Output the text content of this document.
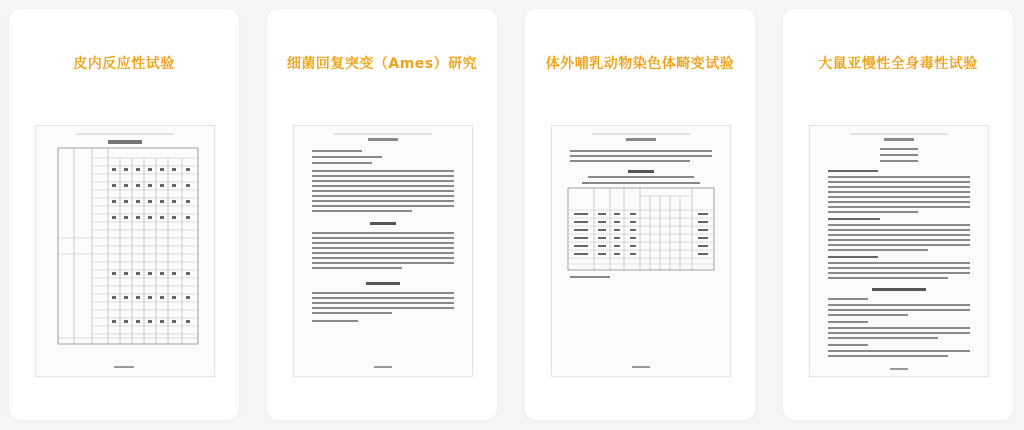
皮内反应性试验	细菌回复突变（Ames）研究	体外哺乳动物染色体畸变试验	大鼠亚慢性全身毒性试验
